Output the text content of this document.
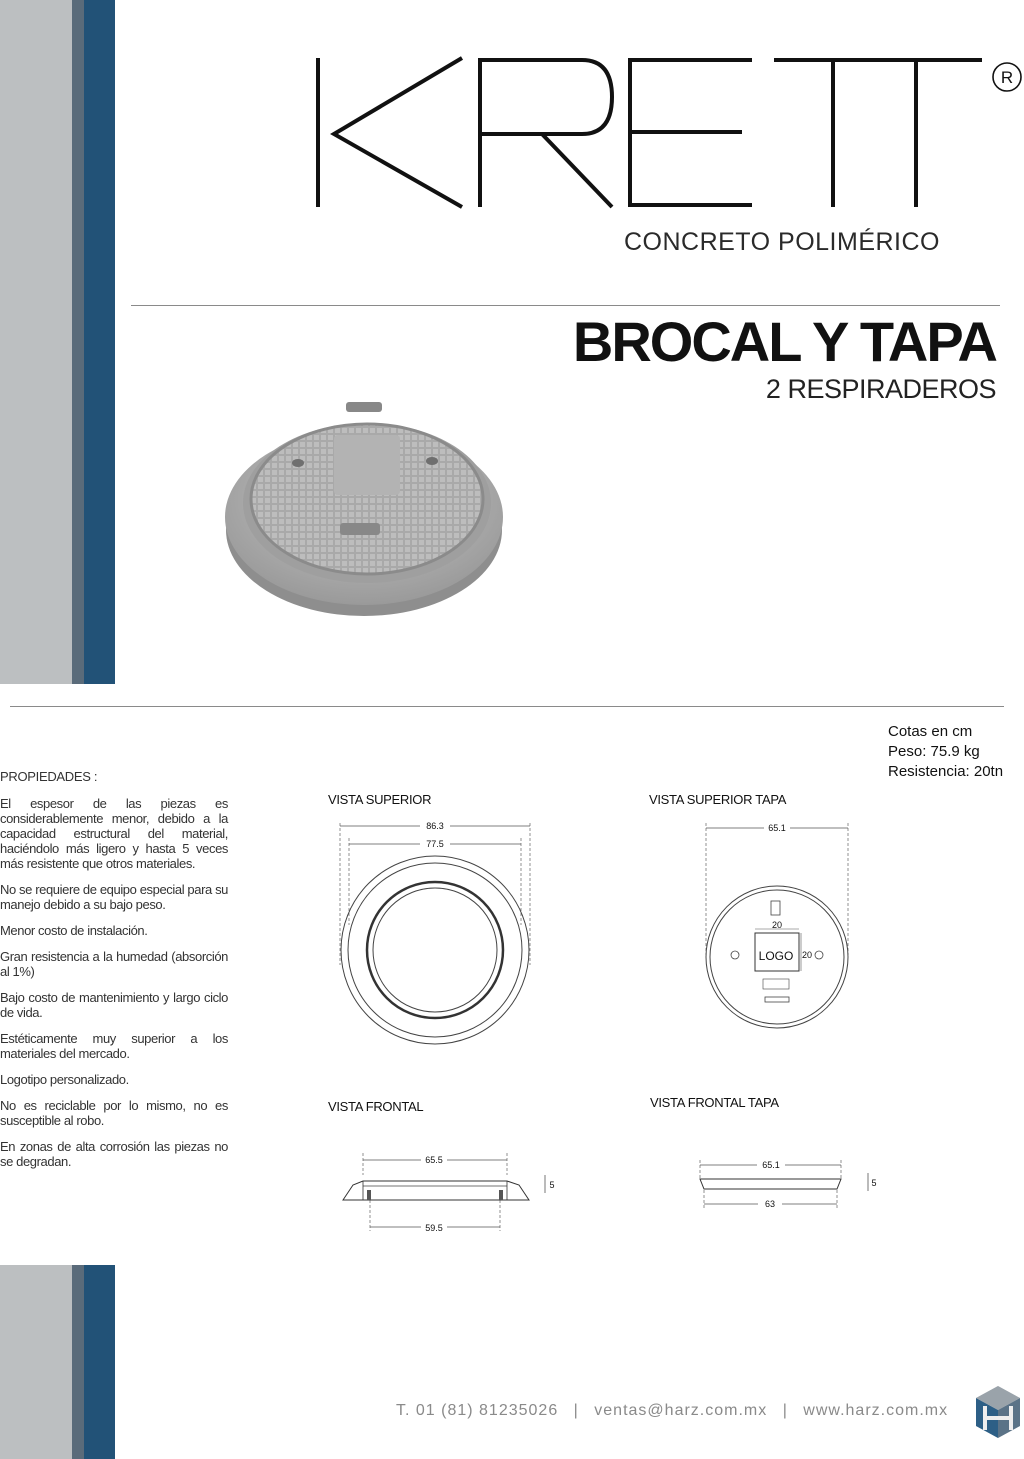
R
CONCRETO POLIMÉRICO
BROCAL Y TAPA
2 RESPIRADEROS
Cotas en cm
Peso: 75.9 kg
Resistencia: 20tn
PROPIEDADES :

El espesor de las piezas es considerablemente menor, debido a la capacidad estructural del material, haciéndolo más ligero y hasta 5 veces más resistente que otros materiales.

No se requiere de equipo especial para su manejo debido a su bajo peso.

Menor costo de instalación.

Gran resistencia a la humedad (absorción al 1%)

Bajo costo de mantenimiento y largo ciclo de vida.

Estéticamente muy superior a los materiales del mercado.

Logotipo personalizado.

No es reciclable por lo mismo, no es susceptible al robo.

En zonas de alta corrosión las piezas no se degradan.

VISTA SUPERIOR
86.3
77.5
VISTA SUPERIOR TAPA
65.1
20
20
LOGO
VISTA FRONTAL
65.5
59.5
5
VISTA FRONTAL TAPA
65.1
63
5
T. 01 (81) 81235026 | ventas@harz.com.mx | www.harz.com.mx
